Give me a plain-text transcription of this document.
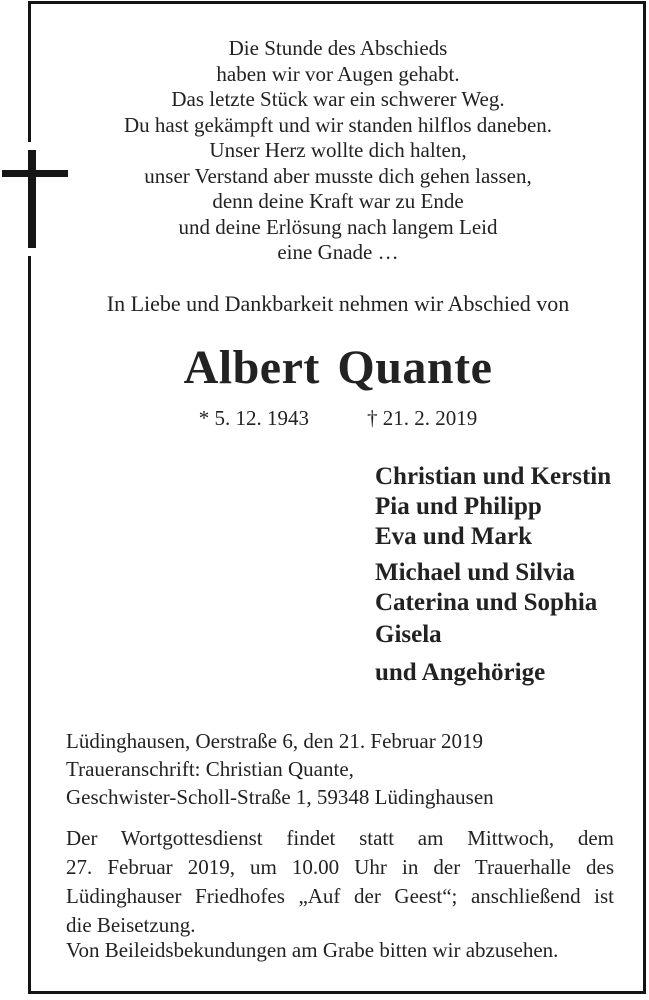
Die Stunde des Abschieds
haben wir vor Augen gehabt.
Das letzte Stück war ein schwerer Weg.
Du hast gekämpft und wir standen hilflos daneben.
Unser Herz wollte dich halten,
unser Verstand aber musste dich gehen lassen,
denn deine Kraft war zu Ende
und deine Erlösung nach langem Leid
eine Gnade …
In Liebe und Dankbarkeit nehmen wir Abschied von
Albert Quante
* 5. 12. 1943	† 21. 2. 2019
Christian und Kerstin
Pia und Philipp
Eva und Mark
Michael und Silvia
Caterina und Sophia
Gisela
und Angehörige
Lüdinghausen, Oerstraße 6, den 21. Februar 2019
Traueranschrift: Christian Quante,
Geschwister-Scholl-Straße 1, 59348 Lüdinghausen
Der Wortgottesdienst findet statt am Mittwoch, dem
27. Februar 2019, um 10.00 Uhr in der Trauerhalle des
Lüdinghauser Friedhofes „Auf der Geest“; anschließend ist
die Beisetzung.
Von Beileidsbekundungen am Grabe bitten wir abzusehen.
